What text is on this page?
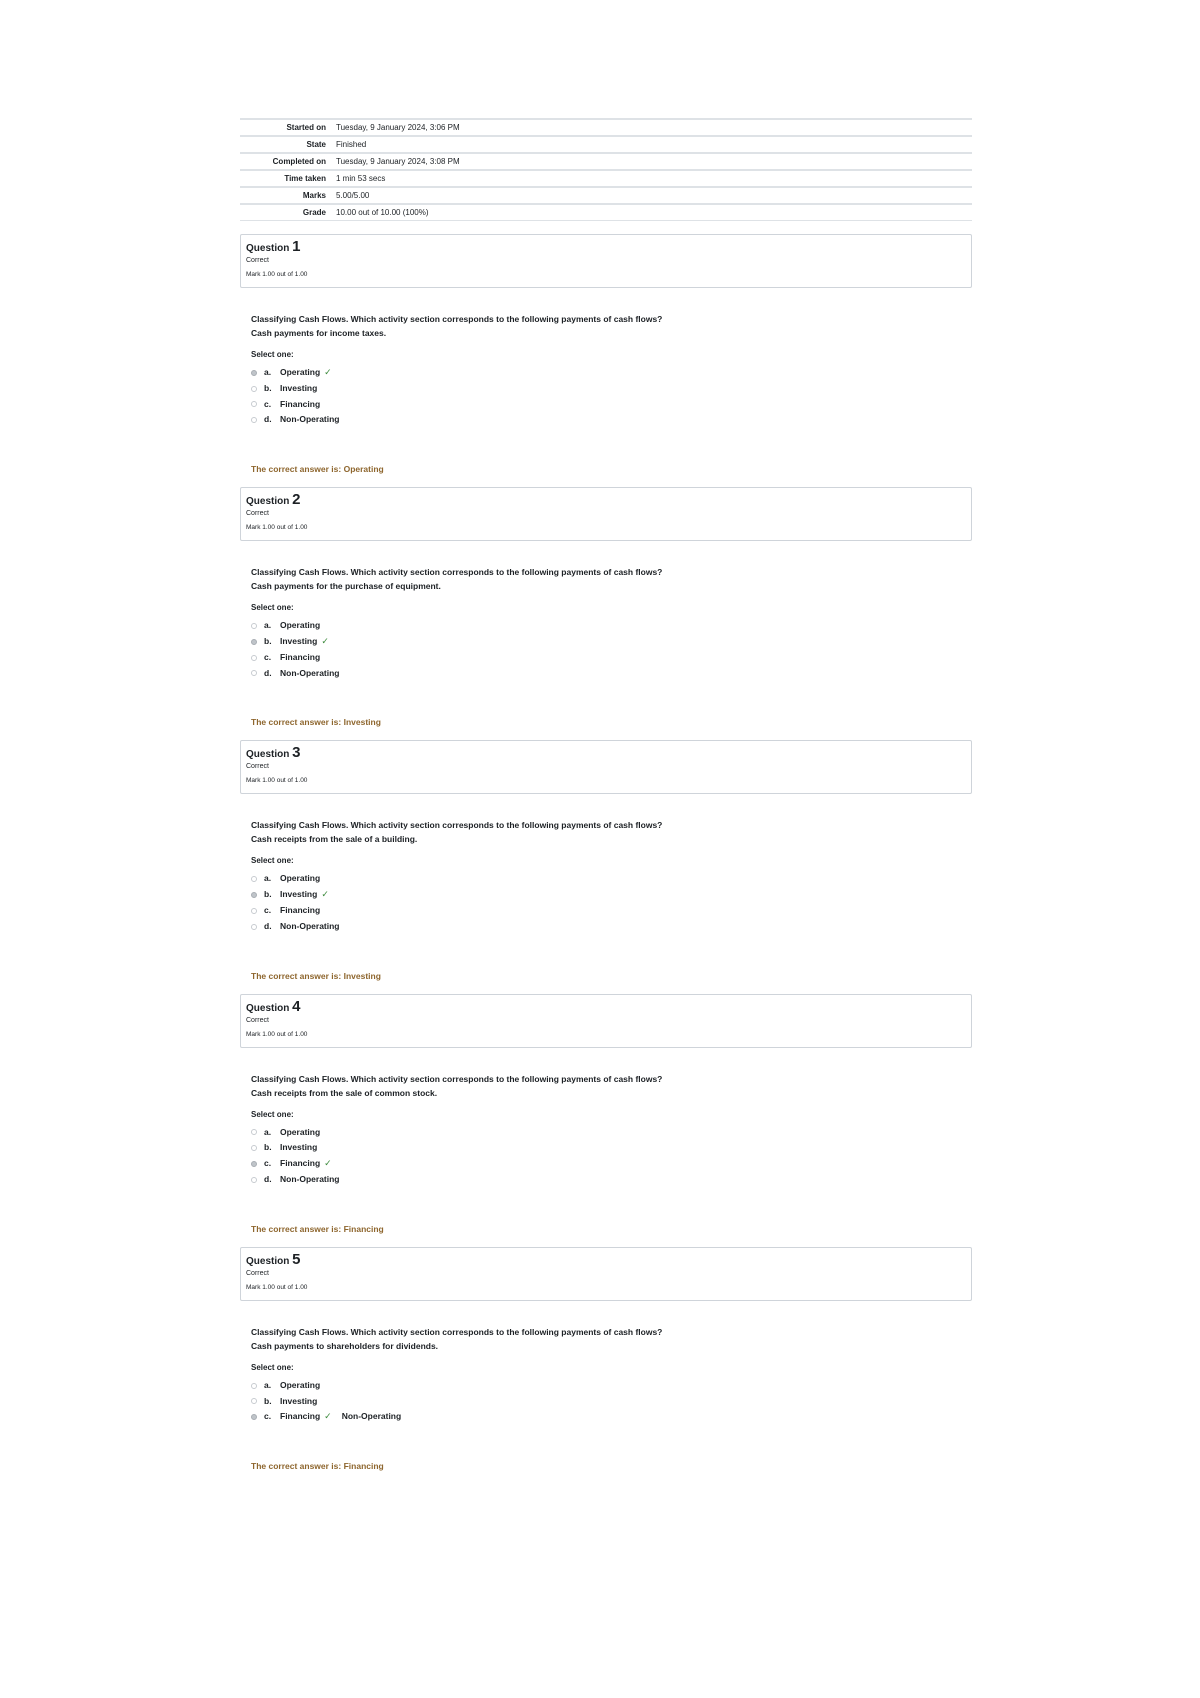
Started on	Tuesday, 9 January 2024, 3:06 PM
State	Finished
Completed on	Tuesday, 9 January 2024, 3:08 PM
Time taken	1 min 53 secs
Marks	5.00/5.00
Grade	10.00 out of 10.00 (100%)
Question 1
Correct
Mark 1.00 out of 1.00
Classifying Cash Flows. Which activity section corresponds to the following payments of cash flows?
Cash payments for income taxes.
Select one:
a.	Operating ✓
b. Investing
c.	Financing
d. Non-Operating
The correct answer is: Operating
Question 2
Correct
Mark 1.00 out of 1.00
Classifying Cash Flows. Which activity section corresponds to the following payments of cash flows?
Cash payments for the purchase of equipment.
Select one:
a.	Operating
b. Investing ✓
c.	Financing
d. Non-Operating
The correct answer is: Investing
Question 3
Correct
Mark 1.00 out of 1.00
Classifying Cash Flows. Which activity section corresponds to the following payments of cash flows?
Cash receipts from the sale of a building.
Select one:
a.	Operating
b. Investing ✓
c.	Financing
d. Non-Operating
The correct answer is: Investing
Question 4
Correct
Mark 1.00 out of 1.00
Classifying Cash Flows. Which activity section corresponds to the following payments of cash flows?
Cash receipts from the sale of common stock.
Select one:
a.	Operating
b. Investing
c.	Financing ✓
d. Non-Operating
The correct answer is: Financing
Question 5
Correct
Mark 1.00 out of 1.00
Classifying Cash Flows. Which activity section corresponds to the following payments of cash flows?
Cash payments to shareholders for dividends.
Select one:
a.	Operating
b. Investing
c.	Financing ✓ Non-Operating
The correct answer is: Financing
